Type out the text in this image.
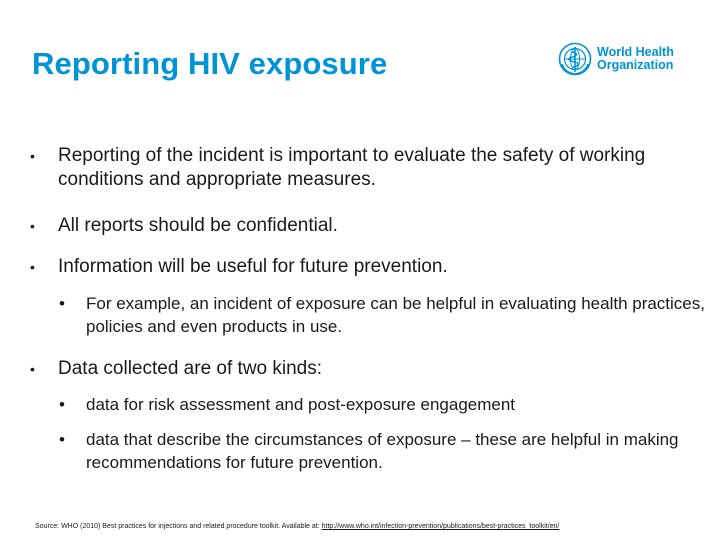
Reporting HIV exposure	World Health
Organization
• Reporting of the incident is important to evaluate the safety of working conditions and appropriate measures.
• All reports should be confidential.
• Information will be useful for future prevention.
• For example, an incident of exposure can be helpful in evaluating health practices, policies and even products in use.
• Data collected are of two kinds:
• data for risk assessment and post-exposure engagement
• data that describe the circumstances of exposure – these are helpful in making recommendations for future prevention.
Source: WHO (2010) Best practices for injections and related procedure toolkit. Available at: http://www.who.int/infection-prevention/publications/best-practices_toolkit/en/
